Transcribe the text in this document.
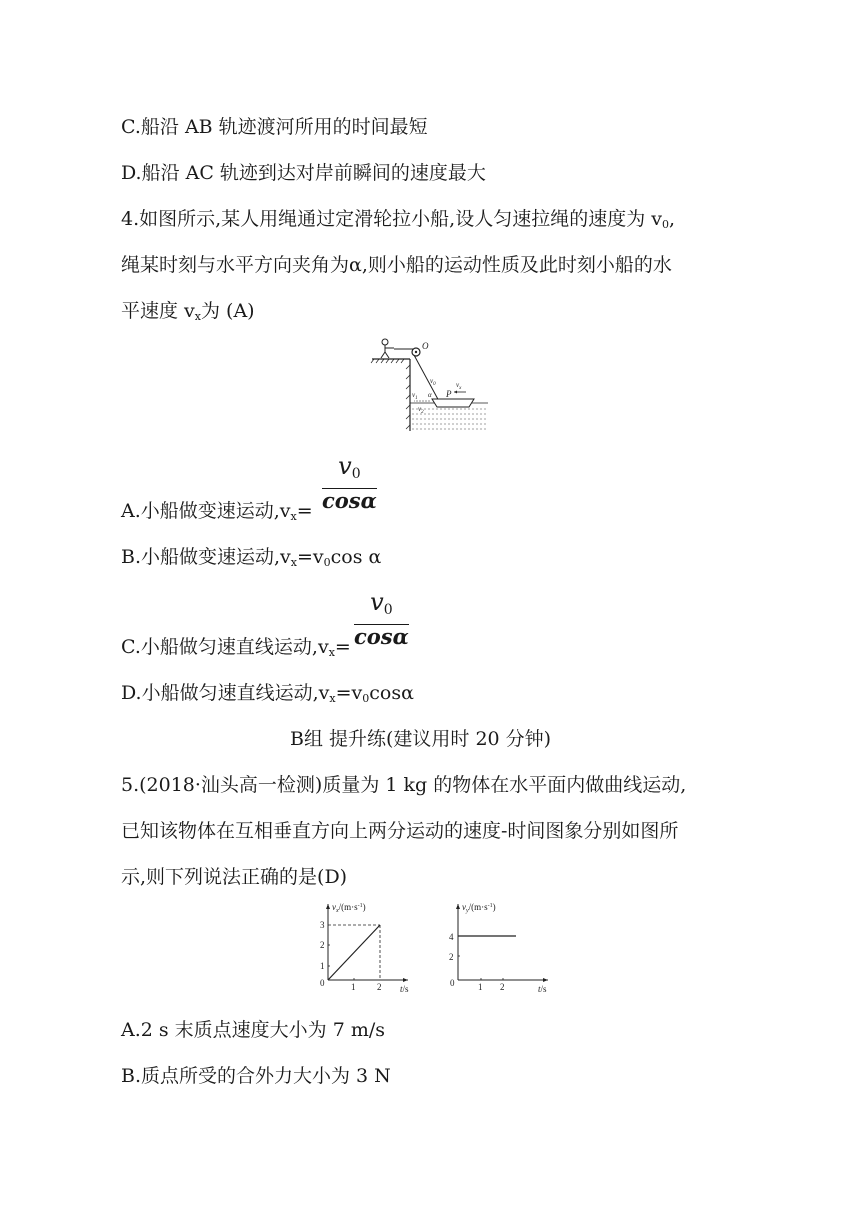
C.船沿 AB 轨迹渡河所用的时间最短
D.船沿 AC 轨迹到达对岸前瞬间的速度最大
4.如图所示,某人用绳通过定滑轮拉小船,设人匀速拉绳的速度为 $v_0$,
绳某时刻与水平方向夹角为α,则小船的运动性质及此时刻小船的水
平速度 $v_x$为 (A)
O
P
$v_0$	$v_x$
$v_1$ α
$v_2$
$\frac{v0}{\cos\alpha}$
A.小船做变速运动$,v_x=$
B.小船做变速运动$,v_x=v_0\cos$ α
$\frac{v0}{\cos\alpha}$
C.小船做匀速直线运动$,v_x=$
D.小船做匀速直线运动$,v_x=v_0\cos\alpha$
B组 提升练(建议用时 20 分钟)
5.(2018·汕头高一检测)质量为 1 kg 的物体在水平面内做曲线运动,
已知该物体在互相垂直方向上两分运动的速度-时间图象分别如图所
示,则下列说法正确的是(D)
$v_x/(m\cdot s^{-1})$
0	1 2
1
2
3
t/s
$v_y/(m\cdot s^{-1})$
0	1 2
2
4
t/s
A.2 s 末质点速度大小为 7 m/s
B.质点所受的合外力大小为 3 N
